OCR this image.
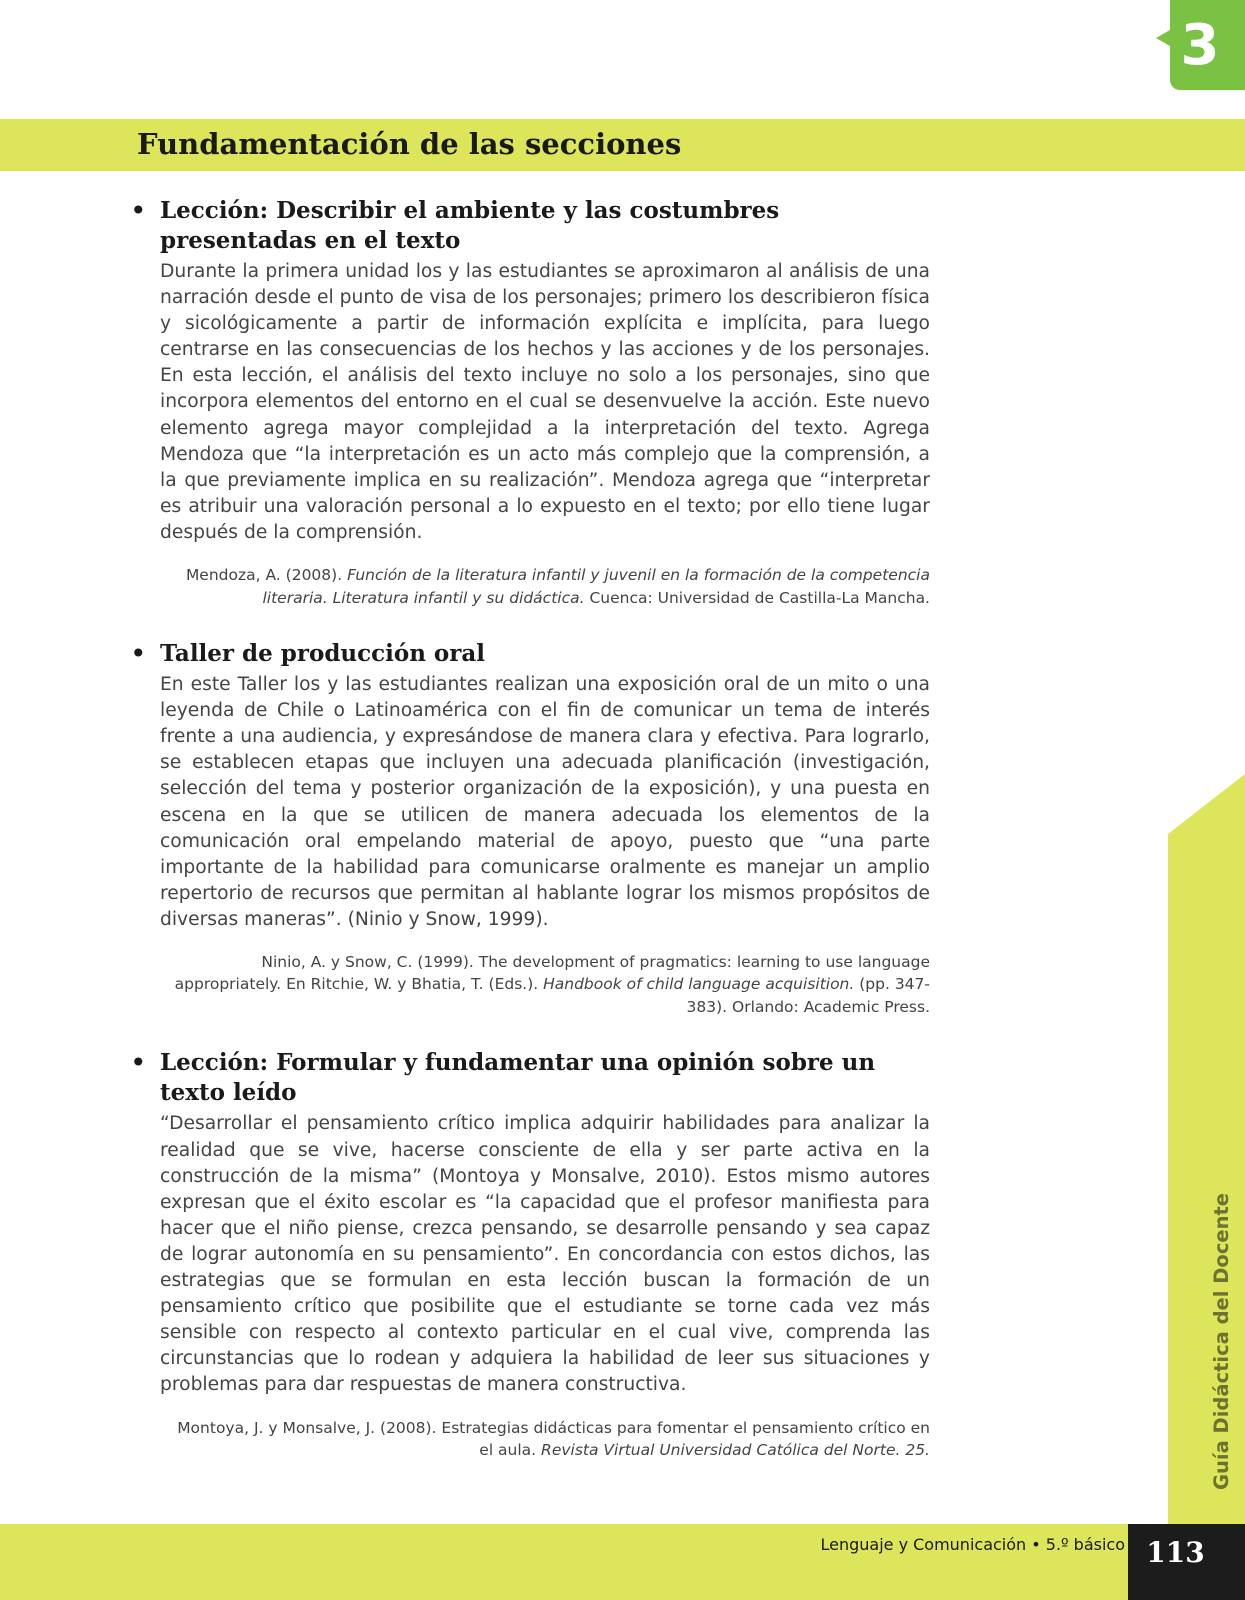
3
Fundamentación de las secciones
• Lección: Describir el ambiente y las costumbres presentadas en el texto

Durante la primera unidad los y las estudiantes se aproximaron al análisis de una narración desde el punto de visa de los personajes; primero los describieron física y sicológicamente a partir de información explícita e implícita, para luego centrarse en las consecuencias de los hechos y las acciones y de los personajes. En esta lección, el análisis del texto incluye no solo a los personajes, sino que incorpora elementos del entorno en el cual se desenvuelve la acción. Este nuevo elemento agrega mayor complejidad a la interpretación del texto. Agrega Mendoza que “la interpretación es un acto más complejo que la comprensión, a la que previamente implica en su realización”. Mendoza agrega que “interpretar es atribuir una valoración personal a lo expuesto en el texto; por ello tiene lugar después de la comprensión.

Mendoza, A. (2008). Función de la literatura infantil y juvenil en la formación de la competencia literaria. Literatura infantil y su didáctica. Cuenca: Universidad de Castilla-La Mancha.

• Taller de producción oral

En este Taller los y las estudiantes realizan una exposición oral de un mito o una leyenda de Chile o Latinoamérica con el fin de comunicar un tema de interés frente a una audiencia, y expresándose de manera clara y efectiva. Para lograrlo, se establecen etapas que incluyen una adecuada planificación (investigación, selección del tema y posterior organización de la exposición), y una puesta en escena en la que se utilicen de manera adecuada los elementos de la comunicación oral empelando material de apoyo, puesto que “una parte importante de la habilidad para comunicarse oralmente es manejar un amplio repertorio de recursos que permitan al hablante lograr los mismos propósitos de diversas maneras”. (Ninio y Snow, 1999).

Ninio, A. y Snow, C. (1999). The development of pragmatics: learning to use language appropriately. En Ritchie, W. y Bhatia, T. (Eds.). Handbook of child language acquisition. (pp. 347-383). Orlando: Academic Press.

• Lección: Formular y fundamentar una opinión sobre un texto leído

“Desarrollar el pensamiento crítico implica adquirir habilidades para analizar la realidad que se vive, hacerse consciente de ella y ser parte activa en la construcción de la misma” (Montoya y Monsalve, 2010). Estos mismo autores expresan que el éxito escolar es “la capacidad que el profesor manifiesta para hacer que el niño piense, crezca pensando, se desarrolle pensando y sea capaz de lograr autonomía en su pensamiento”. En concordancia con estos dichos, las estrategias que se formulan en esta lección buscan la formación de un pensamiento crítico que posibilite que el estudiante se torne cada vez más sensible con respecto al contexto particular en el cual vive, comprenda las circunstancias que lo rodean y adquiera la habilidad de leer sus situaciones y problemas para dar respuestas de manera constructiva.

Montoya, J. y Monsalve, J. (2008). Estrategias didácticas para fomentar el pensamiento crítico en el aula. Revista Virtual Universidad Católica del Norte. 25.	Guía Didáctica del Docente
Lenguaje y Comunicación • 5.º básico 113
